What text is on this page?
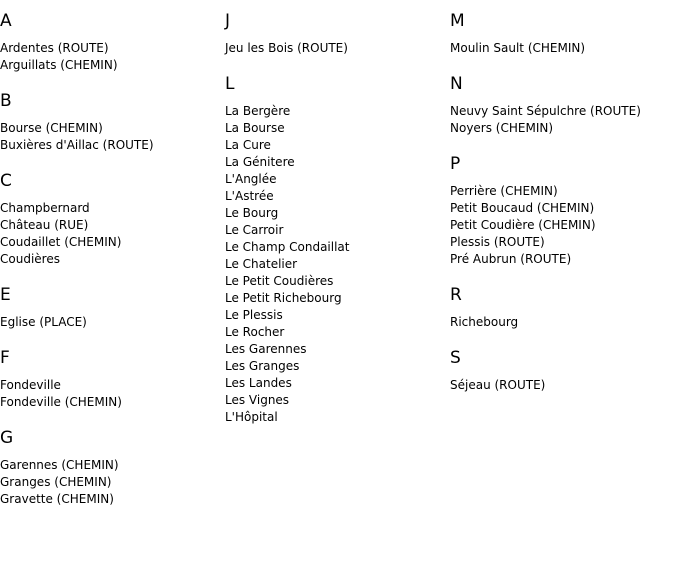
A
Ardentes (ROUTE)
Arguillats (CHEMIN)
B
Bourse (CHEMIN)
Buxières d'Aillac (ROUTE)
C
Champbernard
Château (RUE)
Coudaillet (CHEMIN)
Coudières
E
Eglise (PLACE)
F
Fondeville
Fondeville (CHEMIN)
G
Garennes (CHEMIN)
Granges (CHEMIN)
Gravette (CHEMIN)
J
Jeu les Bois (ROUTE)
L
La Bergère
La Bourse
La Cure
La Génitere
L'Anglée
L'Astrée
Le Bourg
Le Carroir
Le Champ Condaillat
Le Chatelier
Le Petit Coudières
Le Petit Richebourg
Le Plessis
Le Rocher
Les Garennes
Les Granges
Les Landes
Les Vignes
L'Hôpital
M
Moulin Sault (CHEMIN)
N
Neuvy Saint Sépulchre (ROUTE)
Noyers (CHEMIN)
P
Perrière (CHEMIN)
Petit Boucaud (CHEMIN)
Petit Coudière (CHEMIN)
Plessis (ROUTE)
Pré Aubrun (ROUTE)
R
Richebourg
S
Séjeau (ROUTE)
